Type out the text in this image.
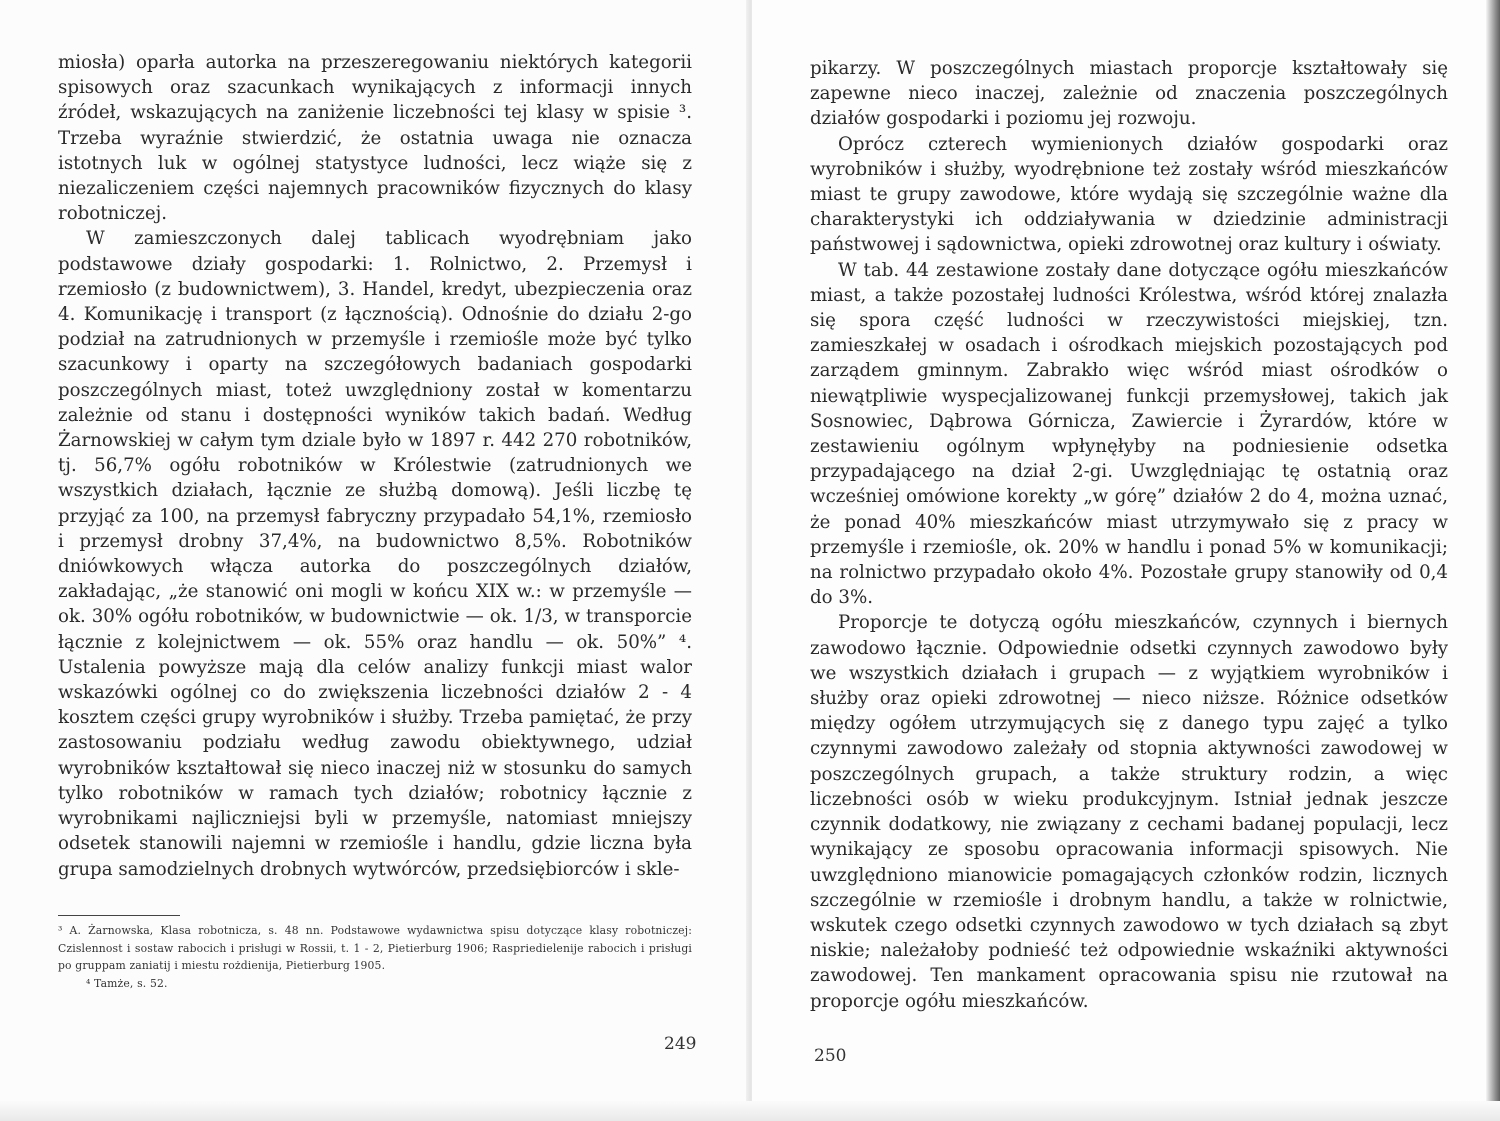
miosła) oparła autorka na przeszeregowaniu niektórych kategorii spisowych oraz szacunkach wynikających z informacji innych źródeł, wskazujących na zaniżenie liczebności tej klasy w spisie ³. Trzeba wyraźnie stwierdzić, że ostatnia uwaga nie oznacza istotnych luk w ogólnej statystyce ludności, lecz wiąże się z niezaliczeniem części najemnych pracowników fizycznych do klasy robotniczej.

W zamieszczonych dalej tablicach wyodrębniam jako podstawowe działy gospodarki: 1. Rolnictwo, 2. Przemysł i rzemiosło (z budownictwem), 3. Handel, kredyt, ubezpieczenia oraz 4. Komunikację i transport (z łącznością). Odnośnie do działu 2-go podział na zatrudnionych w przemyśle i rzemiośle może być tylko szacunkowy i oparty na szczegółowych badaniach gospodarki poszczególnych miast, toteż uwzględniony został w komentarzu zależnie od stanu i dostępności wyników takich badań. Według Żarnowskiej w całym tym dziale było w 1897 r. 442 270 robotników, tj. 56,7% ogółu robotników w Królestwie (zatrudnionych we wszystkich działach, łącznie ze służbą domową). Jeśli liczbę tę przyjąć za 100, na przemysł fabryczny przypadało 54,1%, rzemiosło i przemysł drobny 37,4%, na budownictwo 8,5%. Robotników dniówkowych włącza autorka do poszczególnych działów, zakładając, „że stanowić oni mogli w końcu XIX w.: w przemyśle — ok. 30% ogółu robotników, w budownictwie — ok. 1/3, w transporcie łącznie z kolejnictwem — ok. 55% oraz handlu — ok. 50%” ⁴. Ustalenia powyższe mają dla celów analizy funkcji miast walor wskazówki ogólnej co do zwiększenia liczebności działów 2 - 4 kosztem części grupy wyrobników i służby. Trzeba pamiętać, że przy zastosowaniu podziału według zawodu obiektywnego, udział wyrobników kształtował się nieco inaczej niż w stosunku do samych tylko robotników w ramach tych działów; robotnicy łącznie z wyrobnikami najliczniejsi byli w przemyśle, natomiast mniejszy odsetek stanowili najemni w rzemiośle i handlu, gdzie liczna była grupa samodzielnych drobnych wytwórców, przedsiębiorców i skle-

³ A. Żarnowska, Klasa robotnicza, s. 48 nn. Podstawowe wydawnictwa spisu dotyczące klasy robotniczej: Czislennost i sostaw rabocich i prisługi w Rossii, t. 1 - 2, Pietierburg 1906; Raspriedielenije rabocich i prisługi po gruppam zaniatij i miestu rożdienija, Pietierburg 1905.

⁴ Tamże, s. 52.

249

pikarzy. W poszczególnych miastach proporcje kształtowały się zapewne nieco inaczej, zależnie od znaczenia poszczególnych działów gospodarki i poziomu jej rozwoju.

Oprócz czterech wymienionych działów gospodarki oraz wyrobników i służby, wyodrębnione też zostały wśród mieszkańców miast te grupy zawodowe, które wydają się szczególnie ważne dla charakterystyki ich oddziaływania w dziedzinie administracji państwowej i sądownictwa, opieki zdrowotnej oraz kultury i oświaty.

W tab. 44 zestawione zostały dane dotyczące ogółu mieszkańców miast, a także pozostałej ludności Królestwa, wśród której znalazła się spora część ludności w rzeczywistości miejskiej, tzn. zamieszkałej w osadach i ośrodkach miejskich pozostających pod zarządem gminnym. Zabrakło więc wśród miast ośrodków o niewątpliwie wyspecjalizowanej funkcji przemysłowej, takich jak Sosnowiec, Dąbrowa Górnicza, Zawiercie i Żyrardów, które w zestawieniu ogólnym wpłynęłyby na podniesienie odsetka przypadającego na dział 2-gi. Uwzględniając tę ostatnią oraz wcześniej omówione korekty „w górę” działów 2 do 4, można uznać, że ponad 40% mieszkańców miast utrzymywało się z pracy w przemyśle i rzemiośle, ok. 20% w handlu i ponad 5% w komunikacji; na rolnictwo przypadało około 4%. Pozostałe grupy stanowiły od 0,4 do 3%.

Proporcje te dotyczą ogółu mieszkańców, czynnych i biernych zawodowo łącznie. Odpowiednie odsetki czynnych zawodowo były we wszystkich działach i grupach — z wyjątkiem wyrobników i służby oraz opieki zdrowotnej — nieco niższe. Różnice odsetków między ogółem utrzymujących się z danego typu zajęć a tylko czynnymi zawodowo zależały od stopnia aktywności zawodowej w poszczególnych grupach, a także struktury rodzin, a więc liczebności osób w wieku produkcyjnym. Istniał jednak jeszcze czynnik dodatkowy, nie związany z cechami badanej populacji, lecz wynikający ze sposobu opracowania informacji spisowych. Nie uwzględniono mianowicie pomagających członków rodzin, licznych szczególnie w rzemiośle i drobnym handlu, a także w rolnictwie, wskutek czego odsetki czynnych zawodowo w tych działach są zbyt niskie; należałoby podnieść też odpowiednie wskaźniki aktywności zawodowej. Ten mankament opracowania spisu nie rzutował na proporcje ogółu mieszkańców.

250
